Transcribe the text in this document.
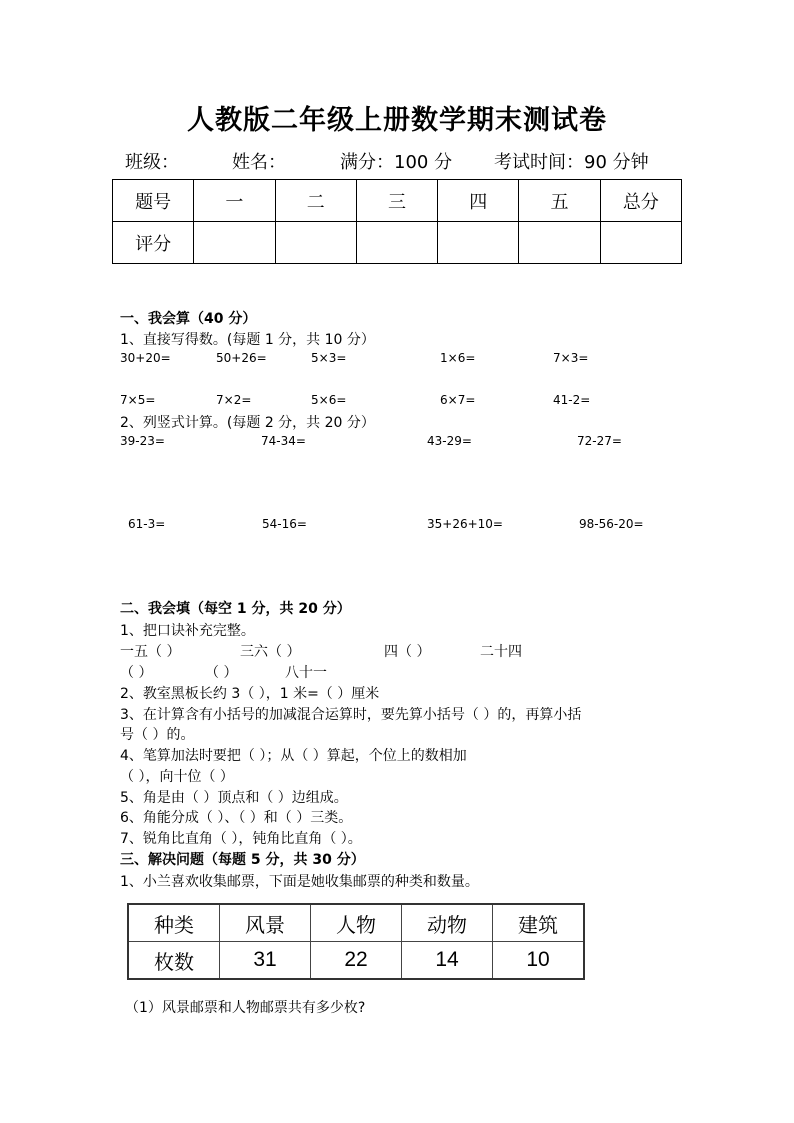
人教版二年级上册数学期末测试卷
班级：	姓名：	满分：100 分 考试时间：90 分钟
题号	一	二	三	四	五	总分
评分						
一、我会算（40 分）
1、直接写得数。(每题 1 分，共 10 分）
30+20=	50+26=	5×3=	1×6=	7×3=
7×5=	7×2=	5×6=	6×7=	41-2=
2、列竖式计算。(每题 2 分，共 20 分）
39-23=	74-34=	43-29=	72-27=
61-3=	54-16=	35+26+10=	98-56-20=
二、我会填（每空 1 分，共 20 分）
1、把口诀补充完整。
一五（ ）	三六（ ）	四（ ）	二十四
（ ）	（ ）	八十一
2、教室黑板长约 3（ ），1 米=（ ）厘米
3、在计算含有小括号的加减混合运算时，要先算小括号（ ）的，再算小括
号（ ）的。
4、笔算加法时要把（ ）；从（ ）算起，个位上的数相加
（ ），向十位（ ）
5、角是由（ ）顶点和（ ）边组成。
6、角能分成（ ）、（ ）和（ ）三类。
7、锐角比直角（ ），钝角比直角（ ）。
三、解决问题（每题 5 分，共 30 分）
1、小兰喜欢收集邮票，下面是她收集邮票的种类和数量。
种类	风景	人物	动物	建筑
枚数	31	22	14	10
（1）风景邮票和人物邮票共有多少枚?
